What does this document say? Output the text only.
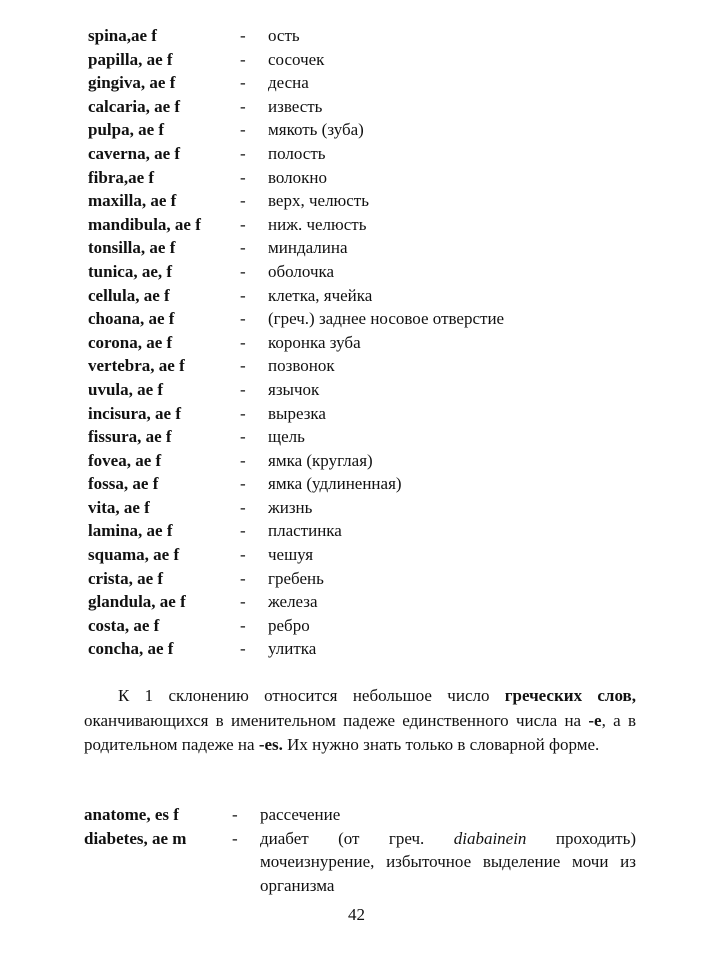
spina,ae f	- ость
papilla, ae f	- сосочек
gingiva, ae f	- десна
calcaria, ae f	- известь
pulpa, ae f	- мякоть (зуба)
caverna, ae f	- полость
fibra,ae f	- волокно
maxilla, ae f	- верх, челюсть
mandibula, ae f - ниж. челюсть
tonsilla, ae f	- миндалина
tunica, ae, f	- оболочка
cellula, ae f	- клетка, ячейка
choana, ae f	- (греч.) заднее носовое отверстие
corona, ae f	- коронка зуба
vertebra, ae f	- позвонок
uvula, ae f	- язычок
incisura, ae f	- вырезка
fissura, ae f	- щель
fovea, ae f	- ямка (круглая)
fossa, ae f	- ямка (удлиненная)
vita, ae f	- жизнь
lamina, ae f	- пластинка
squama, ae f	- чешуя
crista, ae f	- гребень
glandula, ae f	- железа
costa, ae f	- ребро
concha, ae f	- улитка

К 1 склонению относится небольшое число греческих слов, оканчивающихся в именительном падеже единственного числа на -e, а в родительном падеже на -es. Их нужно знать только в словарной форме.

anatome, es f	- рассечение
diabetes, ae m	- диабет (от греч. diabainein проходить) мочеизнурение, избыточное выделение мочи из организма
42
